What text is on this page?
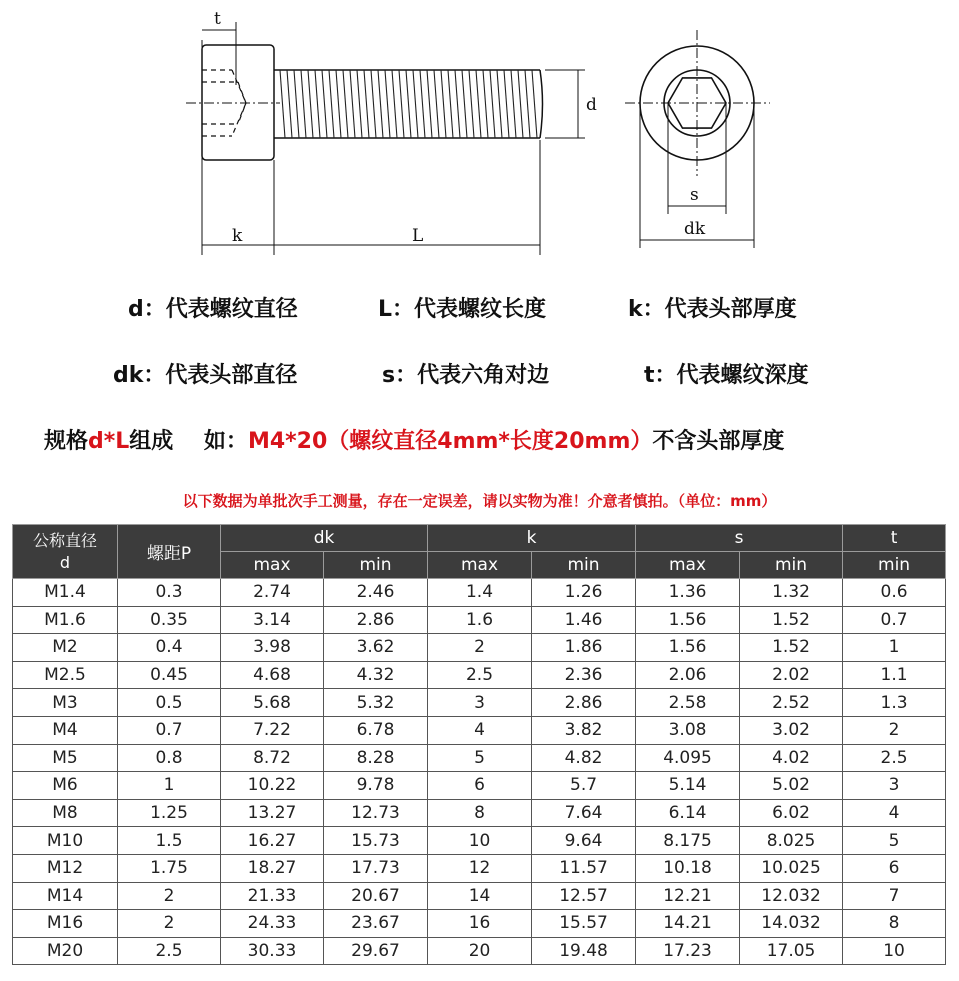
t
k	L
d
s
dk
d：代表螺纹直径	L：代表螺纹长度	k：代表头部厚度
dk：代表头部直径	s：代表六角对边	t：代表螺纹深度
规格d*L组成    如：M4*20（螺纹直径4mm*长度20mm）不含头部厚度
以下数据为单批次手工测量，存在一定误差，请以实物为准！介意者慎拍。（单位：mm）
公称直径
d	螺距P	dk		k		s		t
		max	min	max	min	max	min	min
M1.4	0.3	2.74	2.46	1.4	1.26	1.36	1.32	0.6
M1.6	0.35	3.14	2.86	1.6	1.46	1.56	1.52	0.7
M2	0.4	3.98	3.62	2	1.86	1.56	1.52	1
M2.5	0.45	4.68	4.32	2.5	2.36	2.06	2.02	1.1
M3	0.5	5.68	5.32	3	2.86	2.58	2.52	1.3
M4	0.7	7.22	6.78	4	3.82	3.08	3.02	2
M5	0.8	8.72	8.28	5	4.82	4.095	4.02	2.5
M6	1	10.22	9.78	6	5.7	5.14	5.02	3
M8	1.25	13.27	12.73	8	7.64	6.14	6.02	4
M10	1.5	16.27	15.73	10	9.64	8.175	8.025	5
M12	1.75	18.27	17.73	12	11.57	10.18	10.025	6
M14	2	21.33	20.67	14	12.57	12.21	12.032	7
M16	2	24.33	23.67	16	15.57	14.21	14.032	8
M20	2.5	30.33	29.67	20	19.48	17.23	17.05	10
